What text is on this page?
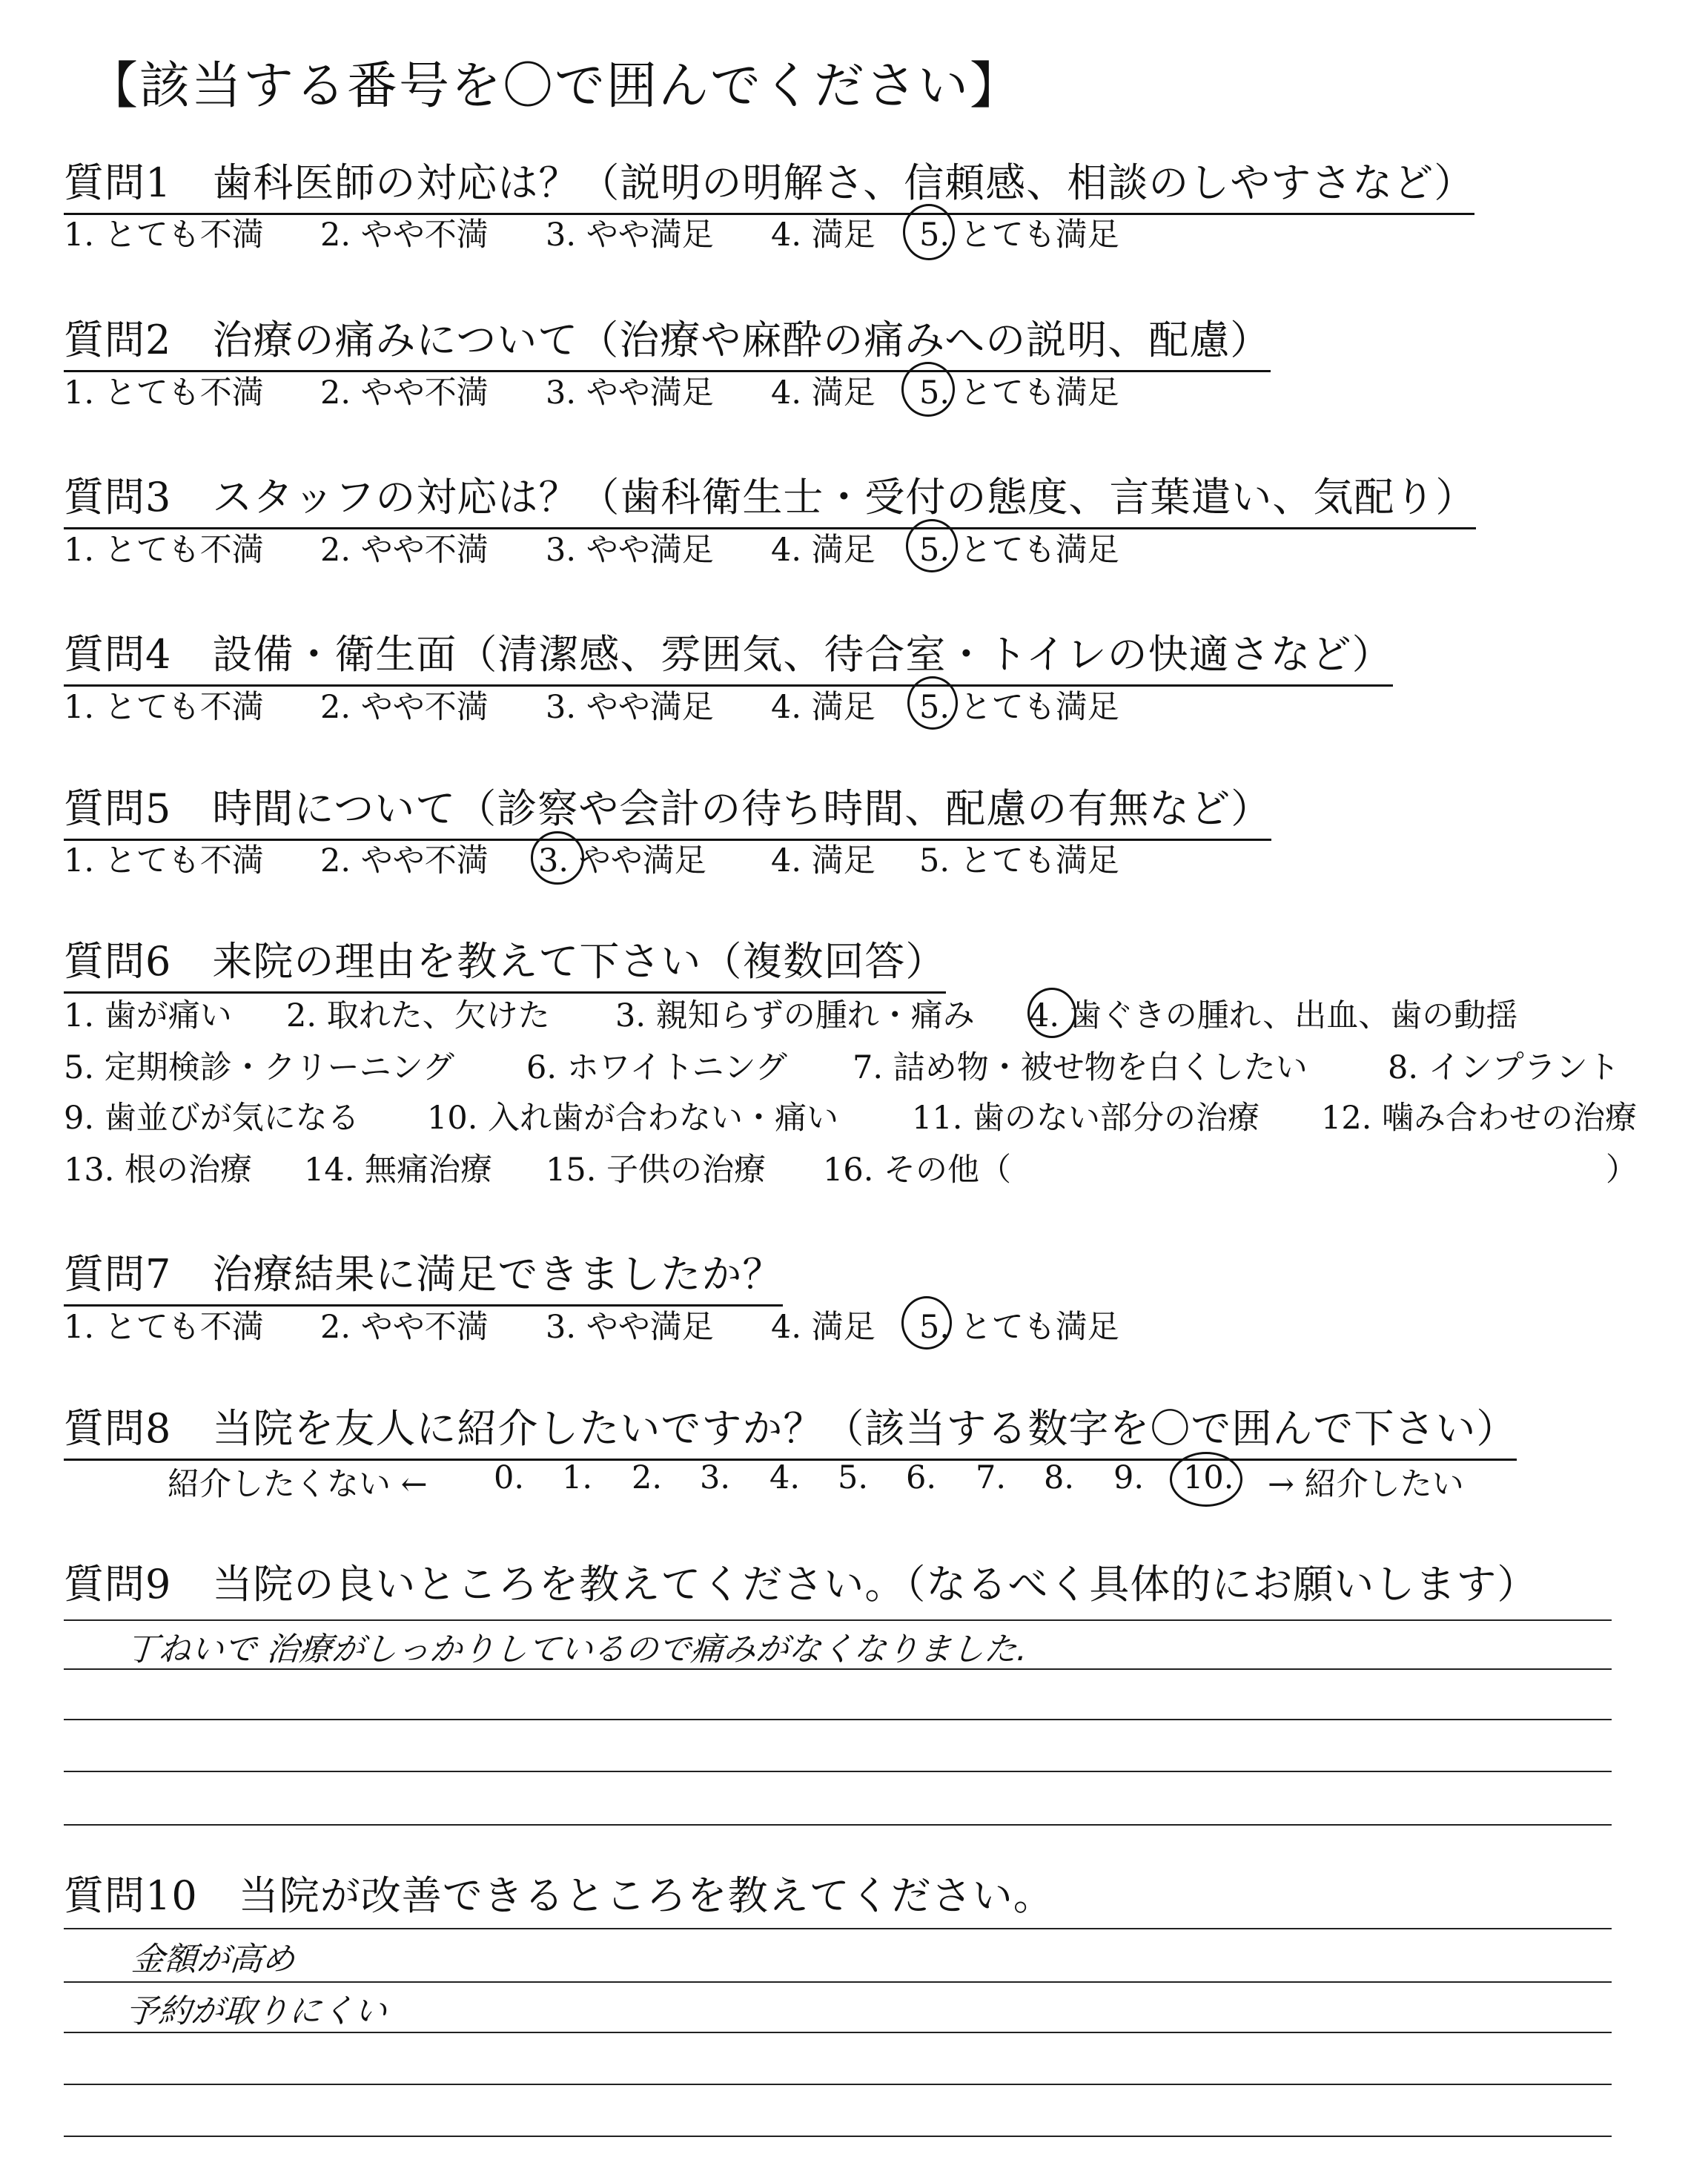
【該当する番号を〇で囲んでください】
質問1　歯科医師の対応は？（説明の明解さ、信頼感、相談のしやすさなど）
1. とても不満 2. やや不満 3. やや満足 4. 満足 5. とても満足
質問2　治療の痛みについて（治療や麻酔の痛みへの説明、配慮）
1. とても不満 2. やや不満 3. やや満足 4. 満足 5. とても満足
質問3　スタッフの対応は？（歯科衛生士・受付の態度、言葉遣い、気配り）
1. とても不満 2. やや不満 3. やや満足 4. 満足 5. とても満足
質問4　設備・衛生面（清潔感、雰囲気、待合室・トイレの快適さなど）
1. とても不満 2. やや不満 3. やや満足 4. 満足 5. とても満足
質問5　時間について（診察や会計の待ち時間、配慮の有無など）
1. とても不満 2. やや不満 3. やや満足 4. 満足 5. とても満足
質問6　来院の理由を教えて下さい（複数回答）
1. 歯が痛い 2. 取れた、欠けた 3. 親知らずの腫れ・痛み 4. 歯ぐきの腫れ、出血、歯の動揺
5. 定期検診・クリーニング 6. ホワイトニング 7. 詰め物・被せ物を白くしたい	8. インプラント
9. 歯並びが気になる 10. 入れ歯が合わない・痛い 11. 歯のない部分の治療 12. 噛み合わせの治療
13. 根の治療 14. 無痛治療 15. 子供の治療 16. その他（	）
質問7　治療結果に満足できましたか？
1. とても不満 2. やや不満 3. やや満足 4. 満足 5. とても満足
質問8　当院を友人に紹介したいですか？（該当する数字を〇で囲んで下さい）
紹介したくない ← 0. 1. 2. 3. 4. 5. 6. 7. 8. 9. 10. → 紹介したい
質問9　当院の良いところを教えてください。（なるべく具体的にお願いします）
丁ねいで 治療がしっかりしているので痛みがなくなりました.
質問10　当院が改善できるところを教えてください。
金額が高め
予約が取りにくい
